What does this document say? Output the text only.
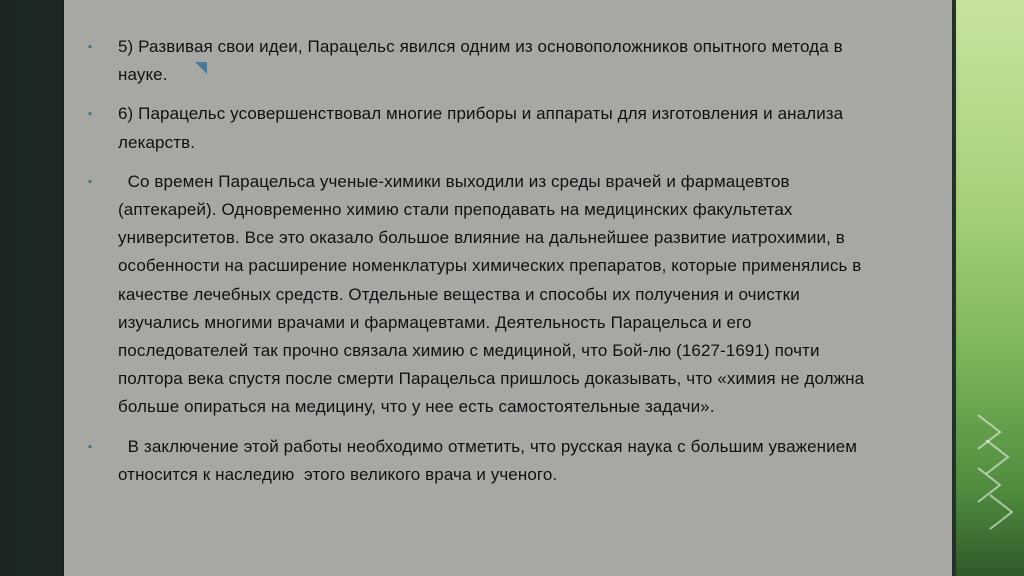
▪ 5) Развивая свои идеи, Парацельс явился одним из основоположников опытного метода в науке.
▪ 6) Парацельс усовершенствовал многие приборы и аппараты для изготовления и анализа лекарств.
▪ Со времен Парацельса ученые-химики выходили из среды врачей и фармацевтов (аптекарей). Одновременно химию стали преподавать на медицинских факультетах университетов. Все это оказало большое влияние на дальнейшее развитие иатрохимии, в особенности на расширение номенклатуры химических препаратов, которые применялись в качестве лечебных средств. Отдельные вещества и способы их получения и очистки изучались многими врачами и фармацевтами. Деятельность Парацельса и его последователей так прочно связала химию с медициной, что Бой-лю (1627-1691) почти полтора века спустя после смерти Парацельса пришлось доказывать, что «химия не должна больше опираться на медицину, что у нее есть самостоятельные задачи».
▪ В заключение этой работы необходимо отметить, что русская наука с большим уважением относится к наследию  этого великого врача и ученого.
